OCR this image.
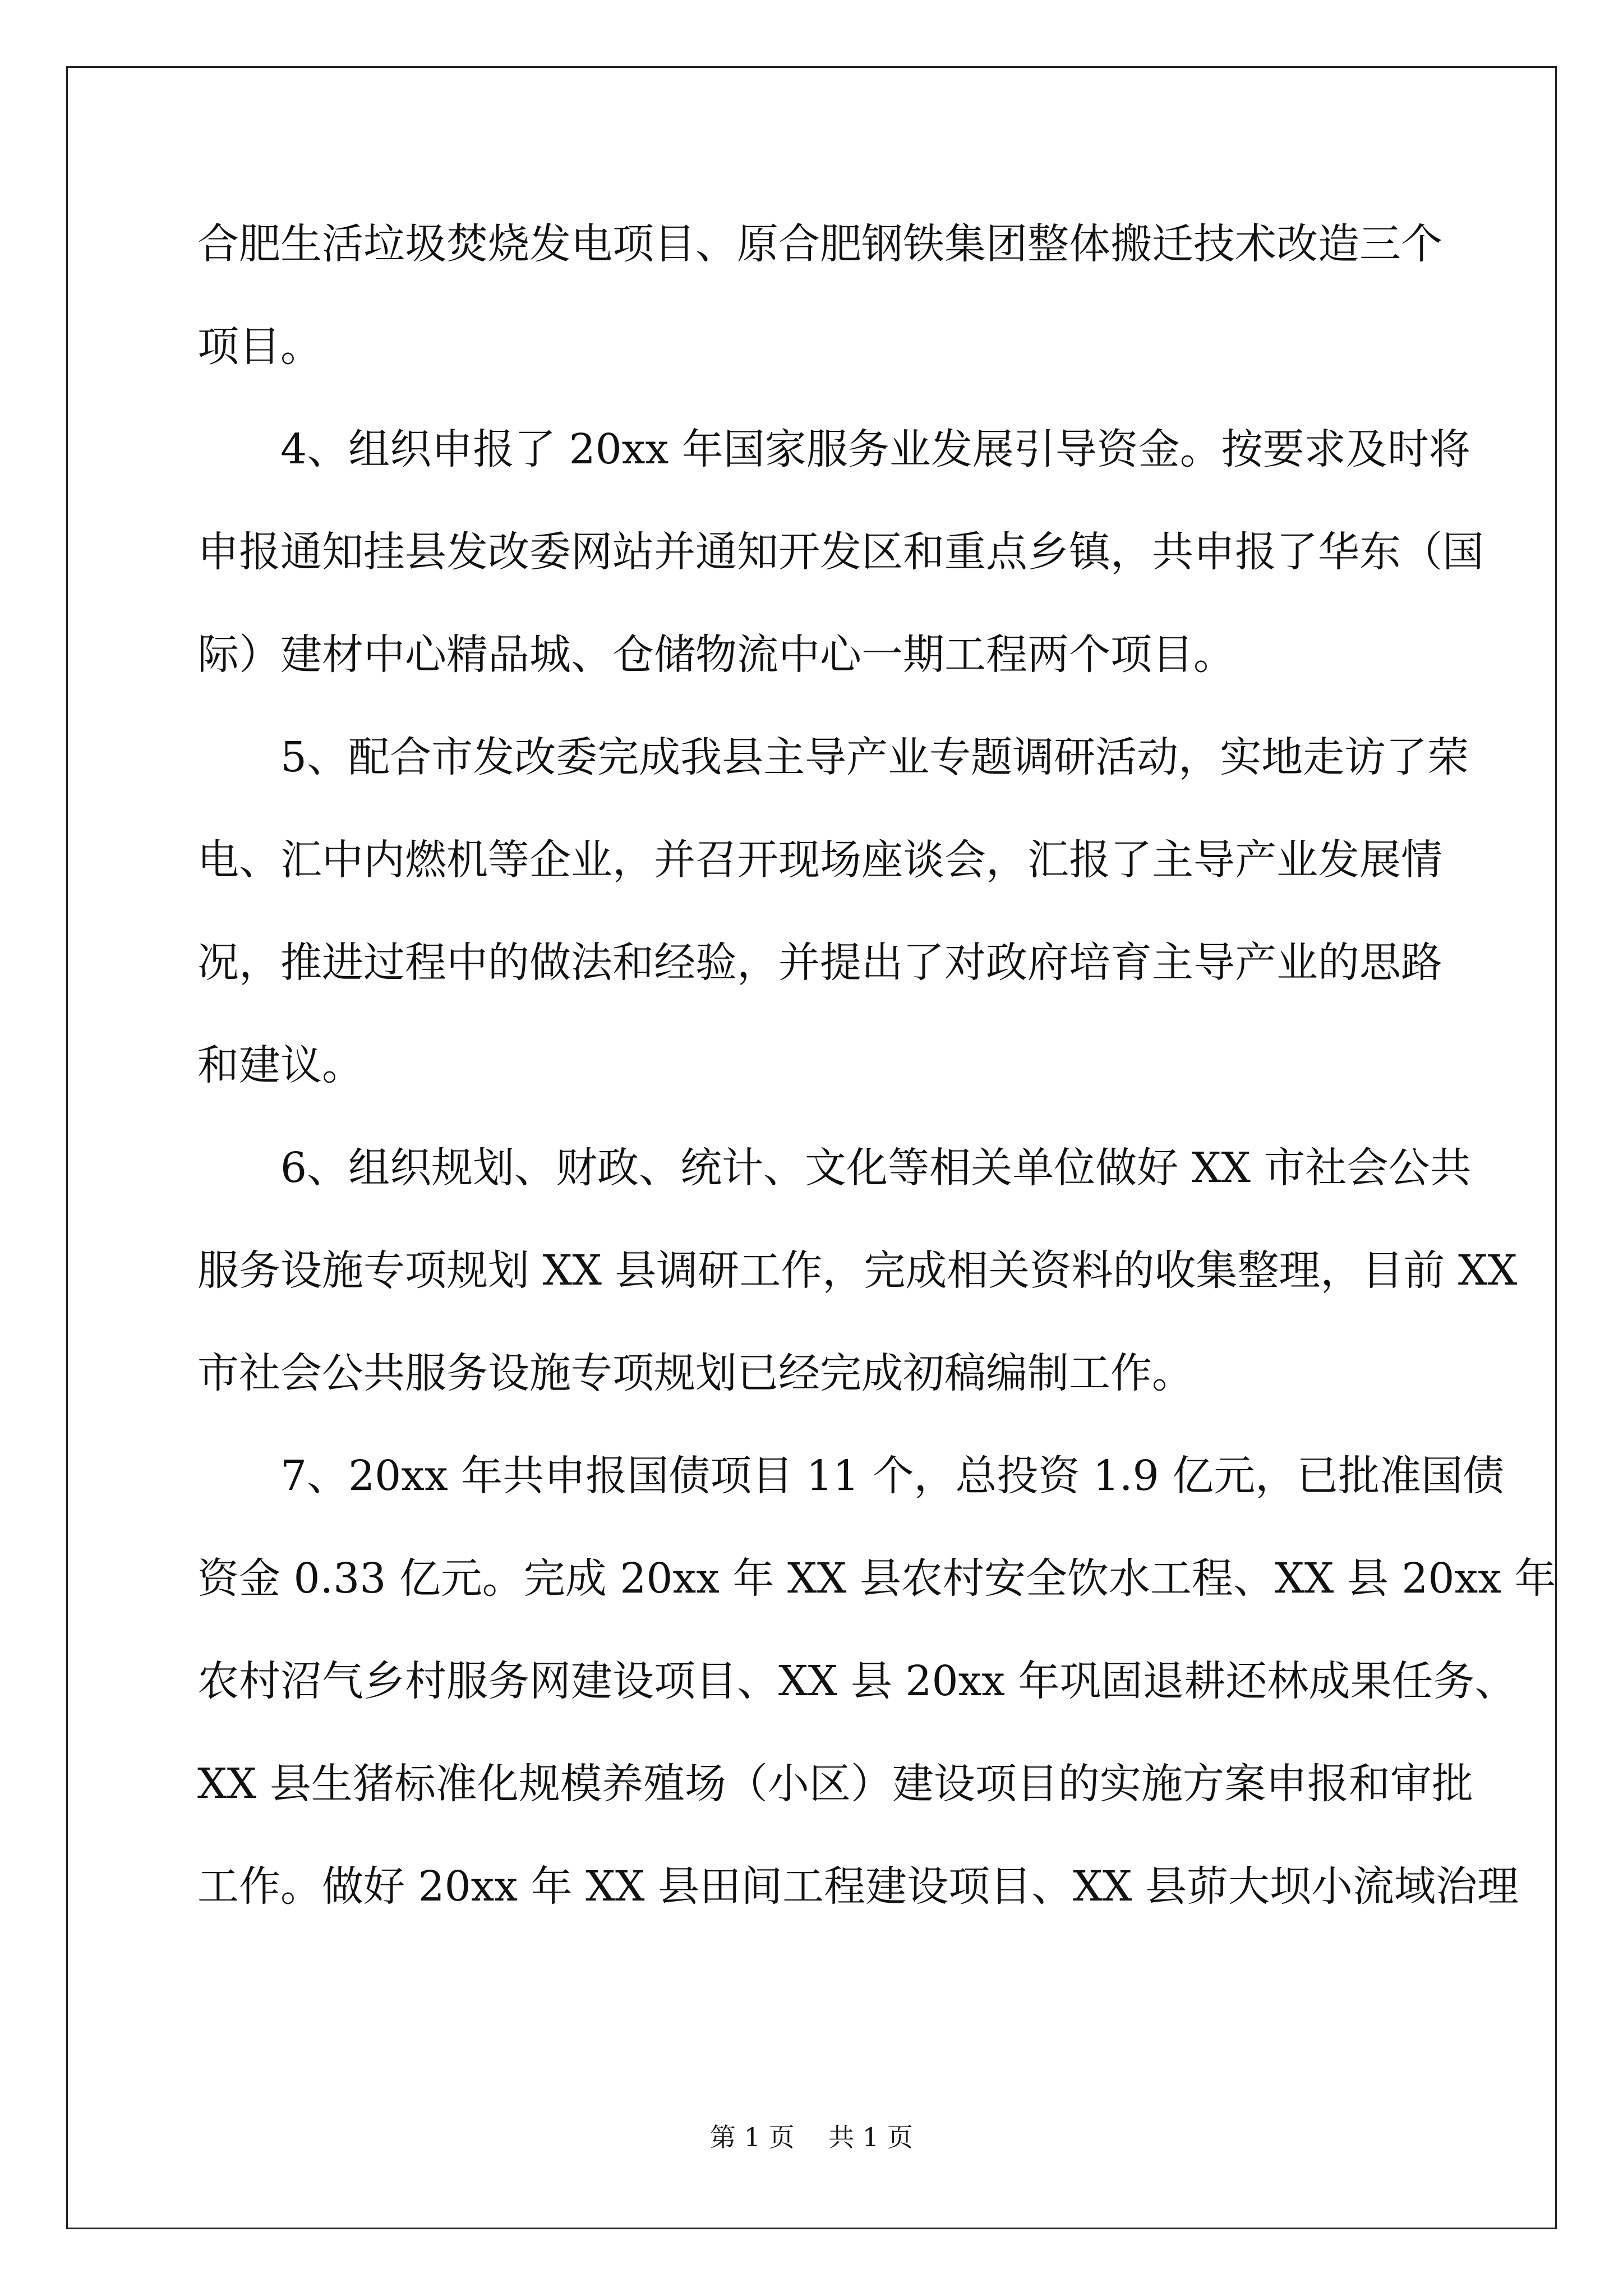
合肥生活垃圾焚烧发电项目、原合肥钢铁集团整体搬迁技术改造三个
项目。
4、组织申报了 20xx 年国家服务业发展引导资金。按要求及时将
申报通知挂县发改委网站并通知开发区和重点乡镇，共申报了华东（国
际）建材中心精品城、仓储物流中心一期工程两个项目。
5、配合市发改委完成我县主导产业专题调研活动，实地走访了荣
电、汇中内燃机等企业，并召开现场座谈会，汇报了主导产业发展情
况，推进过程中的做法和经验，并提出了对政府培育主导产业的思路
和建议。
6、组织规划、财政、统计、文化等相关单位做好 XX 市社会公共
服务设施专项规划 XX 县调研工作，完成相关资料的收集整理，目前 XX
市社会公共服务设施专项规划已经完成初稿编制工作。
7、20xx 年共申报国债项目 11 个，总投资 1.9 亿元，已批准国债
资金 0.33 亿元。完成 20xx 年 XX 县农村安全饮水工程、XX 县 20xx 年
农村沼气乡村服务网建设项目、XX 县 20xx 年巩固退耕还林成果任务、
XX 县生猪标准化规模养殖场（小区）建设项目的实施方案申报和审批
工作。做好 20xx 年 XX 县田间工程建设项目、XX 县茆大坝小流域治理
第 1 页　 共 1 页
